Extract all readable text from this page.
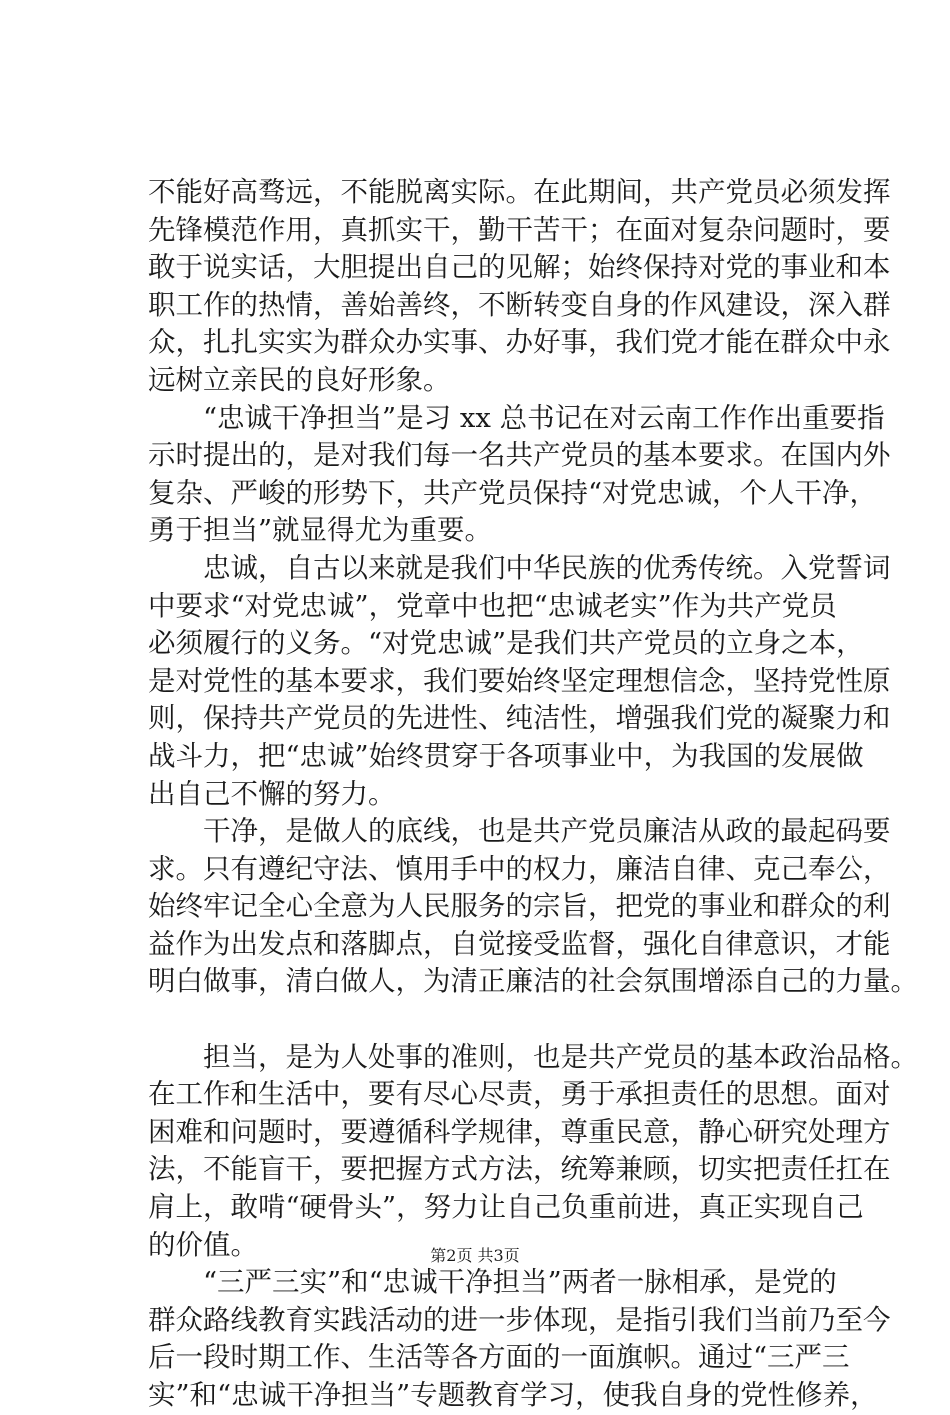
不能好高骛远，不能脱离实际。在此期间，共产党员必须发挥
先锋模范作用，真抓实干，勤干苦干；在面对复杂问题时，要
敢于说实话，大胆提出自己的见解；始终保持对党的事业和本
职工作的热情，善始善终，不断转变自身的作风建设，深入群
众，扎扎实实为群众办实事、办好事，我们党才能在群众中永
远树立亲民的良好形象。
“忠诚干净担当”是习 xx 总书记在对云南工作作出重要指
示时提出的，是对我们每一名共产党员的基本要求。在国内外
复杂、严峻的形势下，共产党员保持“对党忠诚，个人干净，
勇于担当”就显得尤为重要。
忠诚，自古以来就是我们中华民族的优秀传统。入党誓词
中要求“对党忠诚”，党章中也把“忠诚老实”作为共产党员
必须履行的义务。“对党忠诚”是我们共产党员的立身之本，
是对党性的基本要求，我们要始终坚定理想信念，坚持党性原
则，保持共产党员的先进性、纯洁性，增强我们党的凝聚力和
战斗力，把“忠诚”始终贯穿于各项事业中，为我国的发展做
出自己不懈的努力。
干净，是做人的底线，也是共产党员廉洁从政的最起码要
求。只有遵纪守法、慎用手中的权力，廉洁自律、克己奉公，
始终牢记全心全意为人民服务的宗旨，把党的事业和群众的利
益作为出发点和落脚点，自觉接受监督，强化自律意识，才能
明白做事，清白做人，为清正廉洁的社会氛围增添自己的力量。
担当，是为人处事的准则，也是共产党员的基本政治品格。
在工作和生活中，要有尽心尽责，勇于承担责任的思想。面对
困难和问题时，要遵循科学规律，尊重民意，静心研究处理方
法，不能盲干，要把握方式方法，统筹兼顾，切实把责任扛在
肩上，敢啃“硬骨头”，努力让自己负重前进，真正实现自己
的价值。
“三严三实”和“忠诚干净担当”两者一脉相承，是党的
群众路线教育实践活动的进一步体现，是指引我们当前乃至今
后一段时期工作、生活等各方面的一面旗帜。通过“三严三
实”和“忠诚干净担当”专题教育学习，使我自身的党性修养，
第2页 共3页
